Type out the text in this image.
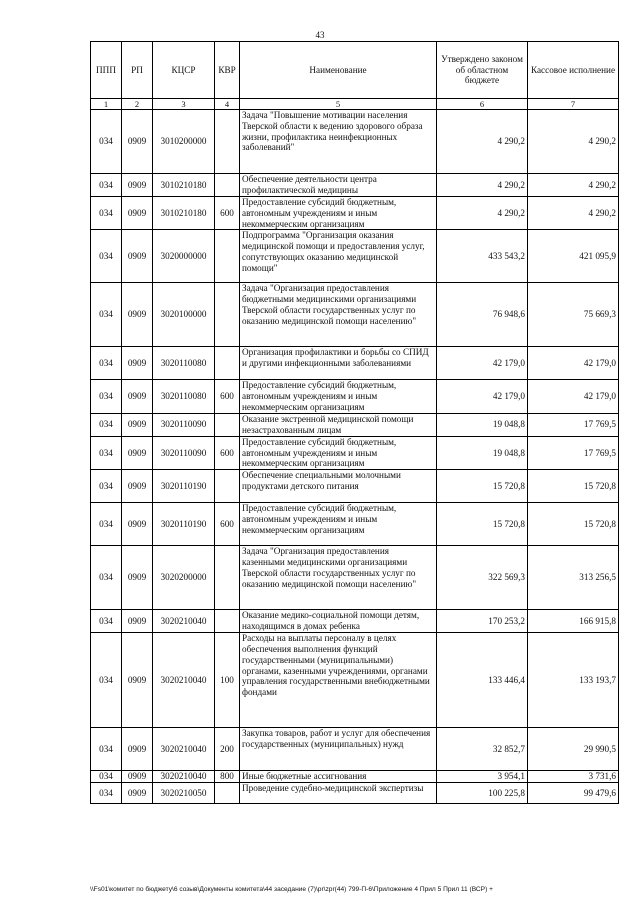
43
ППП	РП	КЦСР	КВР	Наименование	Утверждено законом об областном бюджете	Кассовое исполнение
1	2	3	4	5	6	7
034	0909	3010200000		Задача "Повышение мотивации населения Тверской области к ведению здорового образа жизни, профилактика неинфекционных заболеваний"	4 290,2	4 290,2
034	0909	3010210180		Обеспечение деятельности центра профилактической медицины	4 290,2	4 290,2
034	0909	3010210180	600	Предоставление субсидий бюджетным, автономным учреждениям и иным некоммерческим организациям	4 290,2	4 290,2
034	0909	3020000000		Подпрограмма "Организация оказания медицинской помощи и предоставления услуг, сопутствующих оказанию медицинской помощи"	433 543,2	421 095,9
034	0909	3020100000		Задача "Организация предоставления бюджетными медицинскими организациями Тверской области государственных услуг по оказанию медицинской помощи населению"	76 948,6	75 669,3
034	0909	3020110080		Организация профилактики и борьбы со СПИД и другими инфекционными заболеваниями	42 179,0	42 179,0
034	0909	3020110080	600	Предоставление субсидий бюджетным, автономным учреждениям и иным некоммерческим организациям	42 179,0	42 179,0
034	0909	3020110090		Оказание экстренной медицинской помощи незастрахованным лицам	19 048,8	17 769,5
034	0909	3020110090	600	Предоставление субсидий бюджетным, автономным учреждениям и иным некоммерческим организациям	19 048,8	17 769,5
034	0909	3020110190		Обеспечение специальными молочными продуктами детского питания	15 720,8	15 720,8
034	0909	3020110190	600	Предоставление субсидий бюджетным, автономным учреждениям и иным некоммерческим организациям	15 720,8	15 720,8
034	0909	3020200000		Задача "Организация предоставления казенными медицинскими организациями Тверской области государственных услуг по оказанию медицинской помощи населению"	322 569,3	313 256,5
034	0909	3020210040		Оказание медико-социальной помощи детям, находящимся в домах ребенка	170 253,2	166 915,8
034	0909	3020210040	100	Расходы на выплаты персоналу в целях обеспечения выполнения функций государственными (муниципальными) органами, казенными учреждениями, органами управления государственными внебюджетными фондами	133 446,4	133 193,7
034	0909	3020210040	200	Закупка товаров, работ и услуг для обеспечения государственных (муниципальных) нужд	32 852,7	29 990,5
034	0909	3020210040	800	Иные бюджетные ассигнования	3 954,1	3 731,6
034	0909	3020210050		Проведение судебно-медицинской экспертизы	100 225,8	99 479,6
\\Fs01\комитет по бюджету\6 созыв\Документы комитета\44 заседание (7)\pr\zpr(44) 799-П-6\Приложение 4 Прил 5 Прил 11 (ВСР) +
